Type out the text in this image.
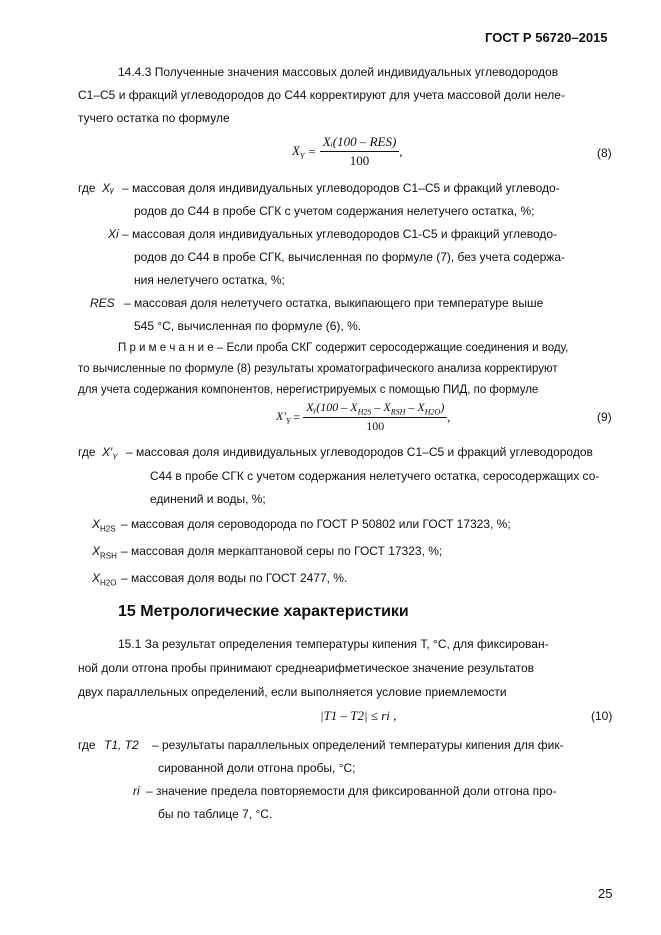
ГОСТ Р 56720–2015
14.4.3 Полученные значения массовых долей индивидуальных углеводородов
C1–C5 и фракций углеводородов до C44 корректируют для учета массовой доли неле-
тучего остатка по формуле
$X_Y = \frac{\text{Xᵢ(100 – RES)}}{100}$ ,	(8)
где Xᵧ – массовая доля индивидуальных углеводородов C1–C5 и фракций углеводо-
родов до C44 в пробе СГК с учетом содержания нелетучего остатка, %;
Xi – массовая доля индивидуальных углеводородов C1-C5 и фракций углеводо-
родов до C44 в пробе СГК, вычисленная по формуле (7), без учета содержа-
ния нелетучего остатка, %;
RES – массовая доля нелетучего остатка, выкипающего при температуре выше
545 °C, вычисленная по формуле (6), %.
П р и м е ч а н и е – Если проба СКГ содержит серосодержащие соединения и воду,
то вычисленные по формуле (8) результаты хроматографического анализа корректируют
для учета содержания компонентов, нерегистрируемых с помощью ПИД, по формуле
$X'_Y = \frac{Xᵧ(100 - X_{H2S} - X_{RSH} - X_{H2O})}{100}$ ,	(9)
где $X'_Y$ – массовая доля индивидуальных углеводородов C1–C5 и фракций углеводородов
C44 в пробе СГК с учетом содержания нелетучего остатка, серосодержащих со-
единений и воды, %;
$X_{H2S}$ – массовая доля сероводорода по ГОСТ Р 50802 или ГОСТ 17323, %;
$X_{RSH}$ – массовая доля меркаптановой серы по ГОСТ 17323, %;
$X_{H2O}$ – массовая доля воды по ГОСТ 2477, %.
15 Метрологические характеристики
15.1 За результат определения температуры кипения T, °C, для фиксирован-
ной доли отгона пробы принимают среднеарифметическое значение результатов
двух параллельных определений, если выполняется условие приемлемости
|T1 – T2| ≤ ri ,	(10)
где T1, T2 – результаты параллельных определений температуры кипения для фик-
сированной доли отгона пробы, °C;
ri – значение предела повторяемости для фиксированной доли отгона про-
бы по таблице 7, °C.
25
